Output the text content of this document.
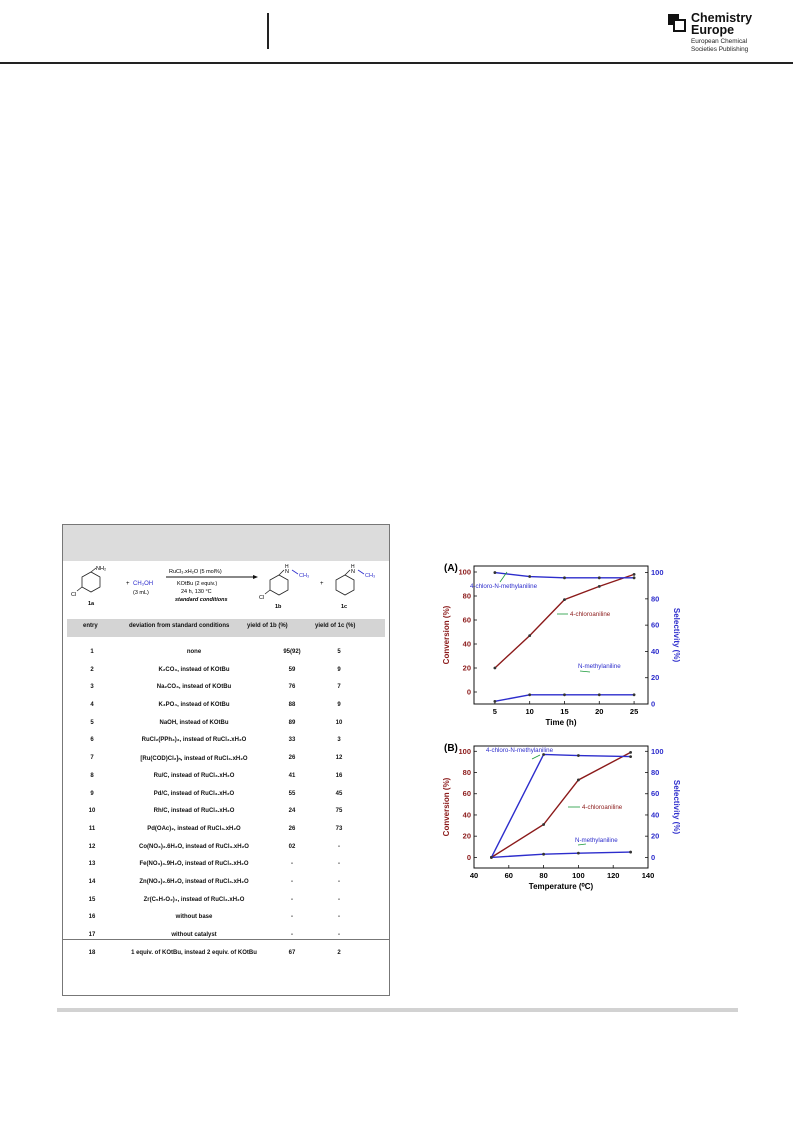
Chemistry
Europe
European Chemical
Societies Publishing
NH₂
Cl
1a
+ CH₃OH
(3 mL)
RuCl₃.xH₂O (5 mol%)
KOtBu (2 equiv.)
24 h, 130 °C
standard conditions
H
N
CH₃
Cl
1b
+
H
N
CH₃
1c
entry	deviation from standard conditions	yield of 1b (%)	yield of 1c (%)
1	none	95(92)	5
2	K₂CO₃, instead of KOtBu	59	9
3	Na₂CO₃, instead of KOtBu	76	7
4	K₃PO₄, instead of KOtBu	88	9
5	NaOH, instead of KOtBu	89	10
6	RuCl₂(PPh₃)₃, instead of RuCl₃.xH₂O	33	3
7	[Ru(COD)Cl₂]ₙ, instead of RuCl₃.xH₂O	26	12
8	Ru/C, instead of RuCl₃.xH₂O	41	16
9	Pd/C, instead of RuCl₃.xH₂O	55	45
10	Rh/C, instead of RuCl₃.xH₂O	24	75
11	Pd(OAc)₂, instead of RuCl₃.xH₂O	26	73
12	Co(NO₃)₂.6H₂O, instead of RuCl₃.xH₂O	02	-
13	Fe(NO₃)₃.9H₂O, instead of RuCl₃.xH₂O	-	-
14	Zn(NO₃)₂.6H₂O, instead of RuCl₃.xH₂O	-	-
15	Zr(C₅H₇O₂)₄, instead of RuCl₃.xH₂O	-	-
16	without base	-	-
17	without catalyst	-	-
18	1 equiv. of KOtBu, instead 2 equiv. of KOtBu	67	2
0
20
40
60
80
100
0
20
40
60
80
100
5	10	15	20	25
Time (h)
Conversion (%)	Selectivity (%)
(A)
4-chloroaniline
4-chloro-N-methylaniline
N-methylaniline
0
20
40
60
80
100
0
20
40
60
80
100
40	60	80	100	120	140
Temperature (⁰C)
Conversion (%)	Selectivity (%)
(B)
4-chloroaniline
4-chloro-N-methylaniline
N-methylaniline
